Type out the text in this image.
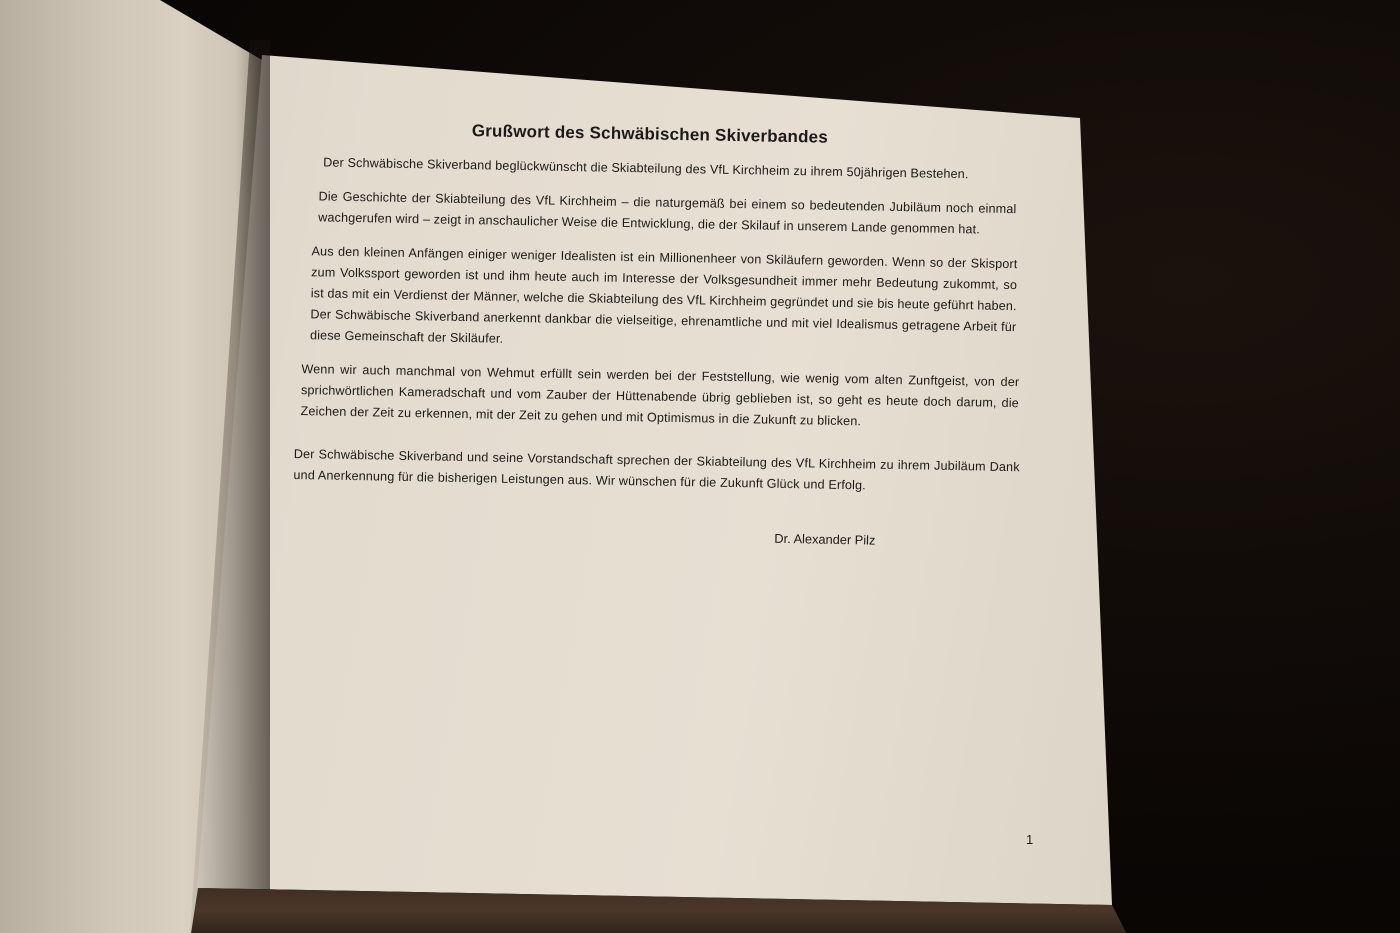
Grußwort des Schwäbischen Skiverbandes

Der Schwäbische Skiverband beglückwünscht die Skiabteilung des VfL Kirchheim zu ihrem 50jährigen Bestehen.

Die Geschichte der Skiabteilung des VfL Kirchheim – die naturgemäß bei einem so bedeutenden Jubiläum noch einmal wachgerufen wird – zeigt in anschaulicher Weise die Entwicklung, die der Skilauf in unserem Lande genommen hat.

Aus den kleinen Anfängen einiger weniger Idealisten ist ein Millionenheer von Skiläufern geworden. Wenn so der Skisport zum Volkssport geworden ist und ihm heute auch im Interesse der Volksgesundheit immer mehr Bedeutung zukommt, so ist das mit ein Verdienst der Männer, welche die Skiabteilung des VfL Kirchheim gegründet und sie bis heute geführt haben. Der Schwäbische Skiverband anerkennt dankbar die vielseitige, ehrenamtliche und mit viel Idealismus getragene Arbeit für diese Gemeinschaft der Skiläufer.

Wenn wir auch manchmal von Wehmut erfüllt sein werden bei der Feststellung, wie wenig vom alten Zunftgeist, von der sprichwörtlichen Kameradschaft und vom Zauber der Hüttenabende übrig geblieben ist, so geht es heute doch darum, die Zeichen der Zeit zu erkennen, mit der Zeit zu gehen und mit Optimismus in die Zukunft zu blicken.

Der Schwäbische Skiverband und seine Vorstandschaft sprechen der Skiabteilung des VfL Kirchheim zu ihrem Jubiläum Dank und Anerkennung für die bisherigen Leistungen aus. Wir wünschen für die Zukunft Glück und Erfolg.

Dr. Alexander Pilz
1
